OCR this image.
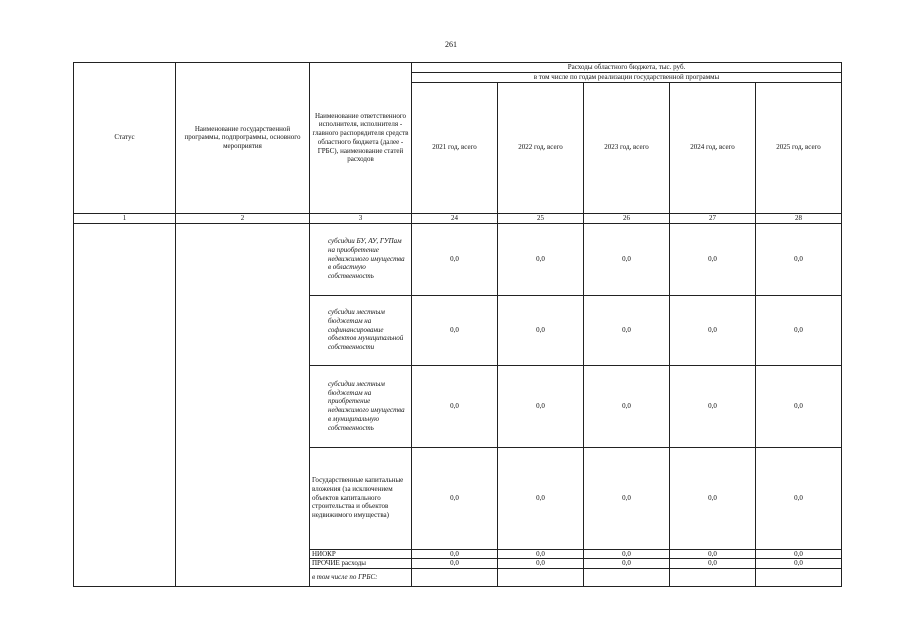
261
Статус	Наименование государственной программы, подпрограммы, основного мероприятия	Наименование ответственного исполнителя, исполнителя - главного распорядителя средств областного бюджета (далее - ГРБС), наименование статей расходов	Расходы областного бюджета, тыс. руб.				
			в том числе по годам реализации государственной программы				
			2021 год, всего	2022 год, всего	2023 год, всего	2024 год, всего	2025 год, всего
1	2	3	24	25	26	27	28
		субсидии БУ, АУ, ГУПам на приобретение недвижимого имущества в областную собственность	0,0	0,0	0,0	0,0	0,0
		субсидии местным бюджетам на софинансирование объектов муниципальной собственности	0,0	0,0	0,0	0,0	0,0
		субсидии местным бюджетам на приобретение недвижимого имущества в муниципальную собственность	0,0	0,0	0,0	0,0	0,0
		Государственные капитальные вложения (за исключением объектов капитального строительства и объектов недвижимого имущества)	0,0	0,0	0,0	0,0	0,0
		НИОКР	0,0	0,0	0,0	0,0	0,0
		ПРОЧИЕ расходы	0,0	0,0	0,0	0,0	0,0
		в том числе по ГРБС:					
